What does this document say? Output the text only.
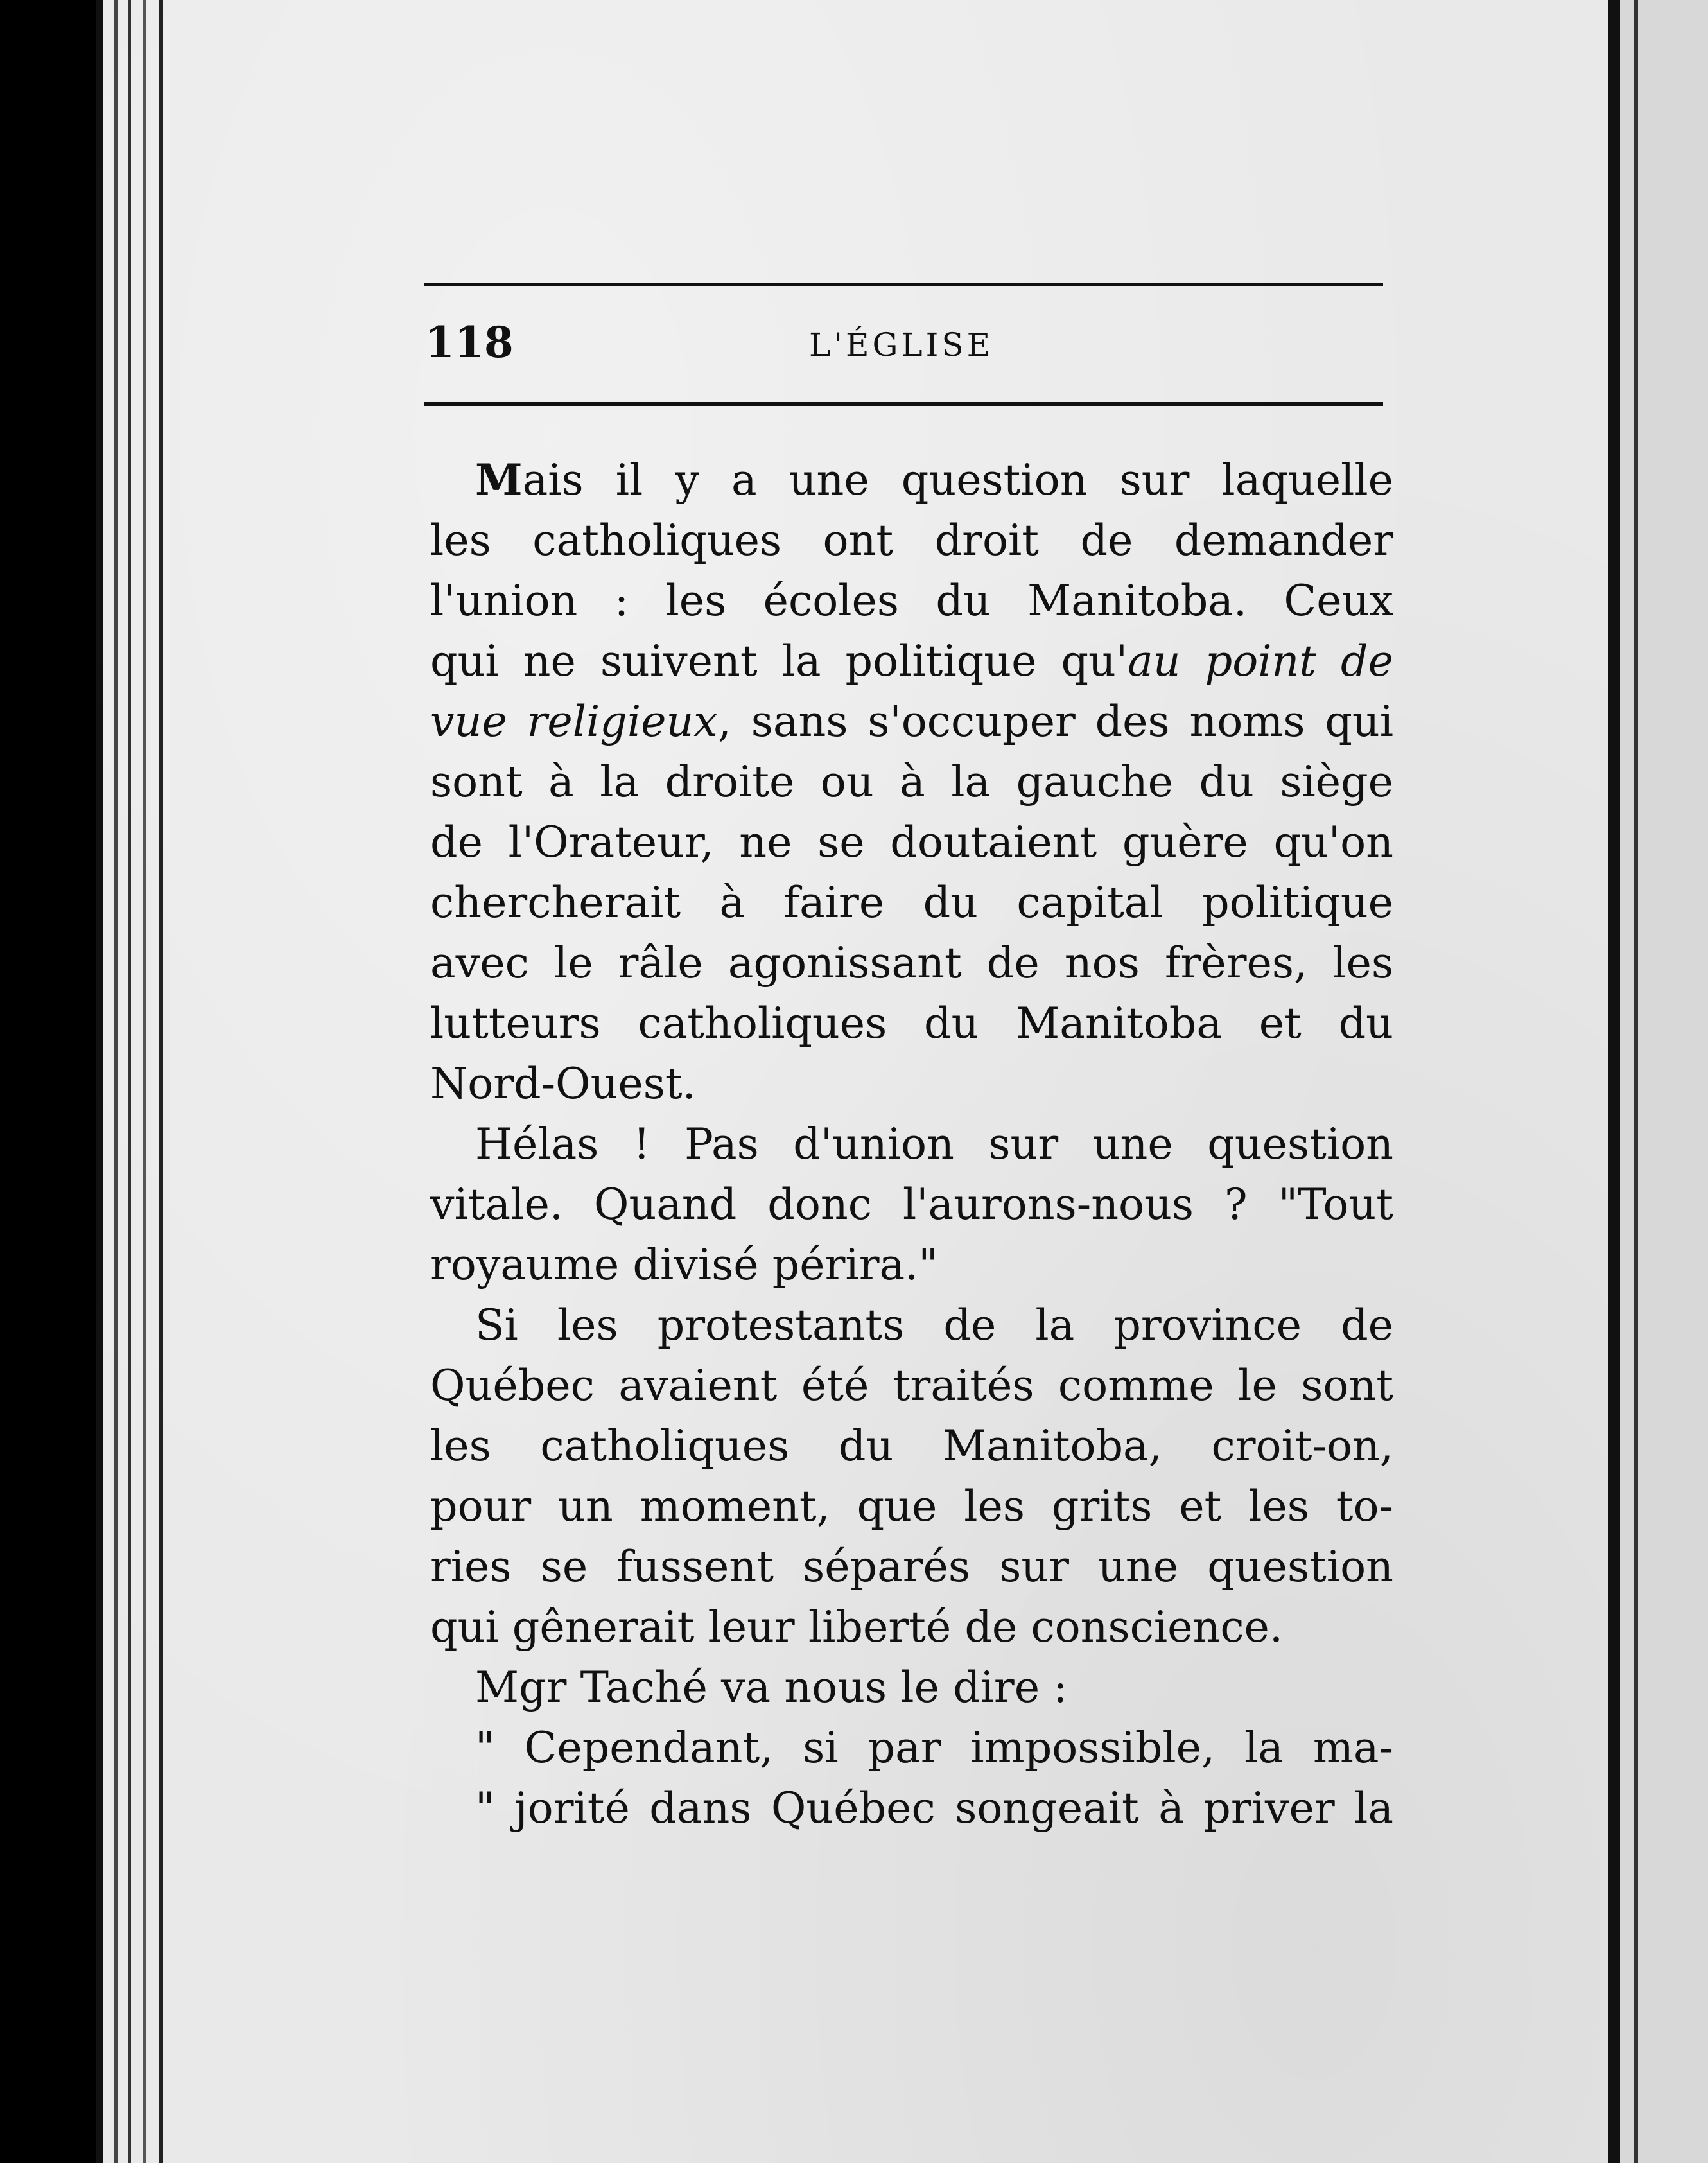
118	L'ÉGLISE
Mais il y a une question sur laquelle
les catholiques ont droit de demander
l'union : les écoles du Manitoba. Ceux
qui ne suivent la politique qu'au point de
vue religieux, sans s'occuper des noms qui
sont à la droite ou à la gauche du siège
de l'Orateur, ne se doutaient guère qu'on
chercherait à faire du capital politique
avec le râle agonissant de nos frères, les
lutteurs catholiques du Manitoba et du
Nord-Ouest.
Hélas ! Pas d'union sur une question
vitale. Quand donc l'aurons-nous ? "Tout
royaume divisé périra."
Si les protestants de la province de
Québec avaient été traités comme le sont
les catholiques du Manitoba, croit-on,
pour un moment, que les grits et les to-
ries se fussent séparés sur une question
qui gênerait leur liberté de conscience.
Mgr Taché va nous le dire :
" Cependant, si par impossible, la ma-
" jorité dans Québec songeait à priver la
